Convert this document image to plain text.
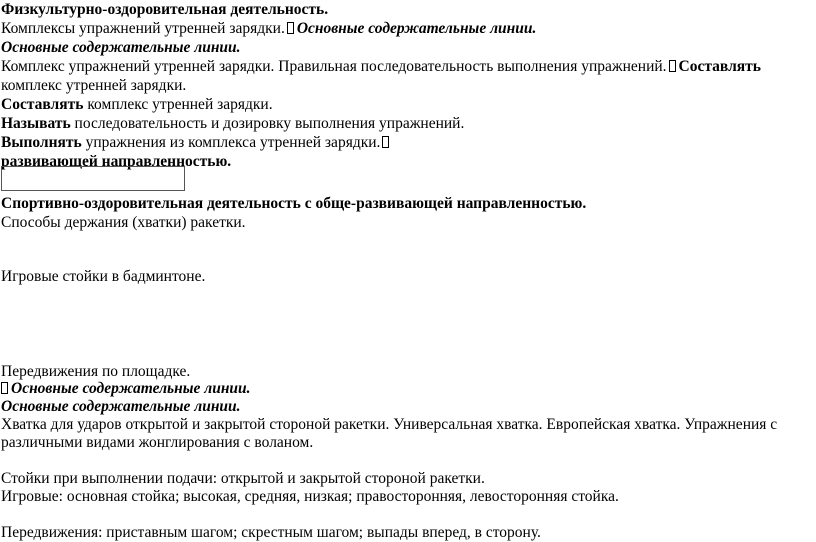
Физкультурно-оздоровительная деятельность.
Комплексы упражнений утренней зарядки. Основные содержательные линии.
Основные содержательные линии.
Комплекс упражнений утренней зарядки. Правильная последовательность выполнения упражнений. Составлять
комплекс утренней зарядки.
Составлять комплекс утренней зарядки.
Называть последовательность и дозировку выполнения упражнений.
Выполнять упражнения из комплекса утренней зарядки.
развивающей направленностью.
Спортивно-оздоровительная деятельность с обще-развивающей направленностью.
Способы держания (хватки) ракетки.
Игровые стойки в бадминтоне.
Передвижения по площадке.
Основные содержательные линии.
Основные содержательные линии.
Хватка для ударов открытой и закрытой стороной ракетки. Универсальная хватка. Европейская хватка. Упражнения с
различными видами жонглирования с воланом.
Стойки при выполнении подачи: открытой и закрытой стороной ракетки.
Игровые: основная стойка; высокая, средняя, низкая; правосторонняя, левосторонняя стойка.
Передвижения: приставным шагом; скрестным шагом; выпады вперед, в сторону.
